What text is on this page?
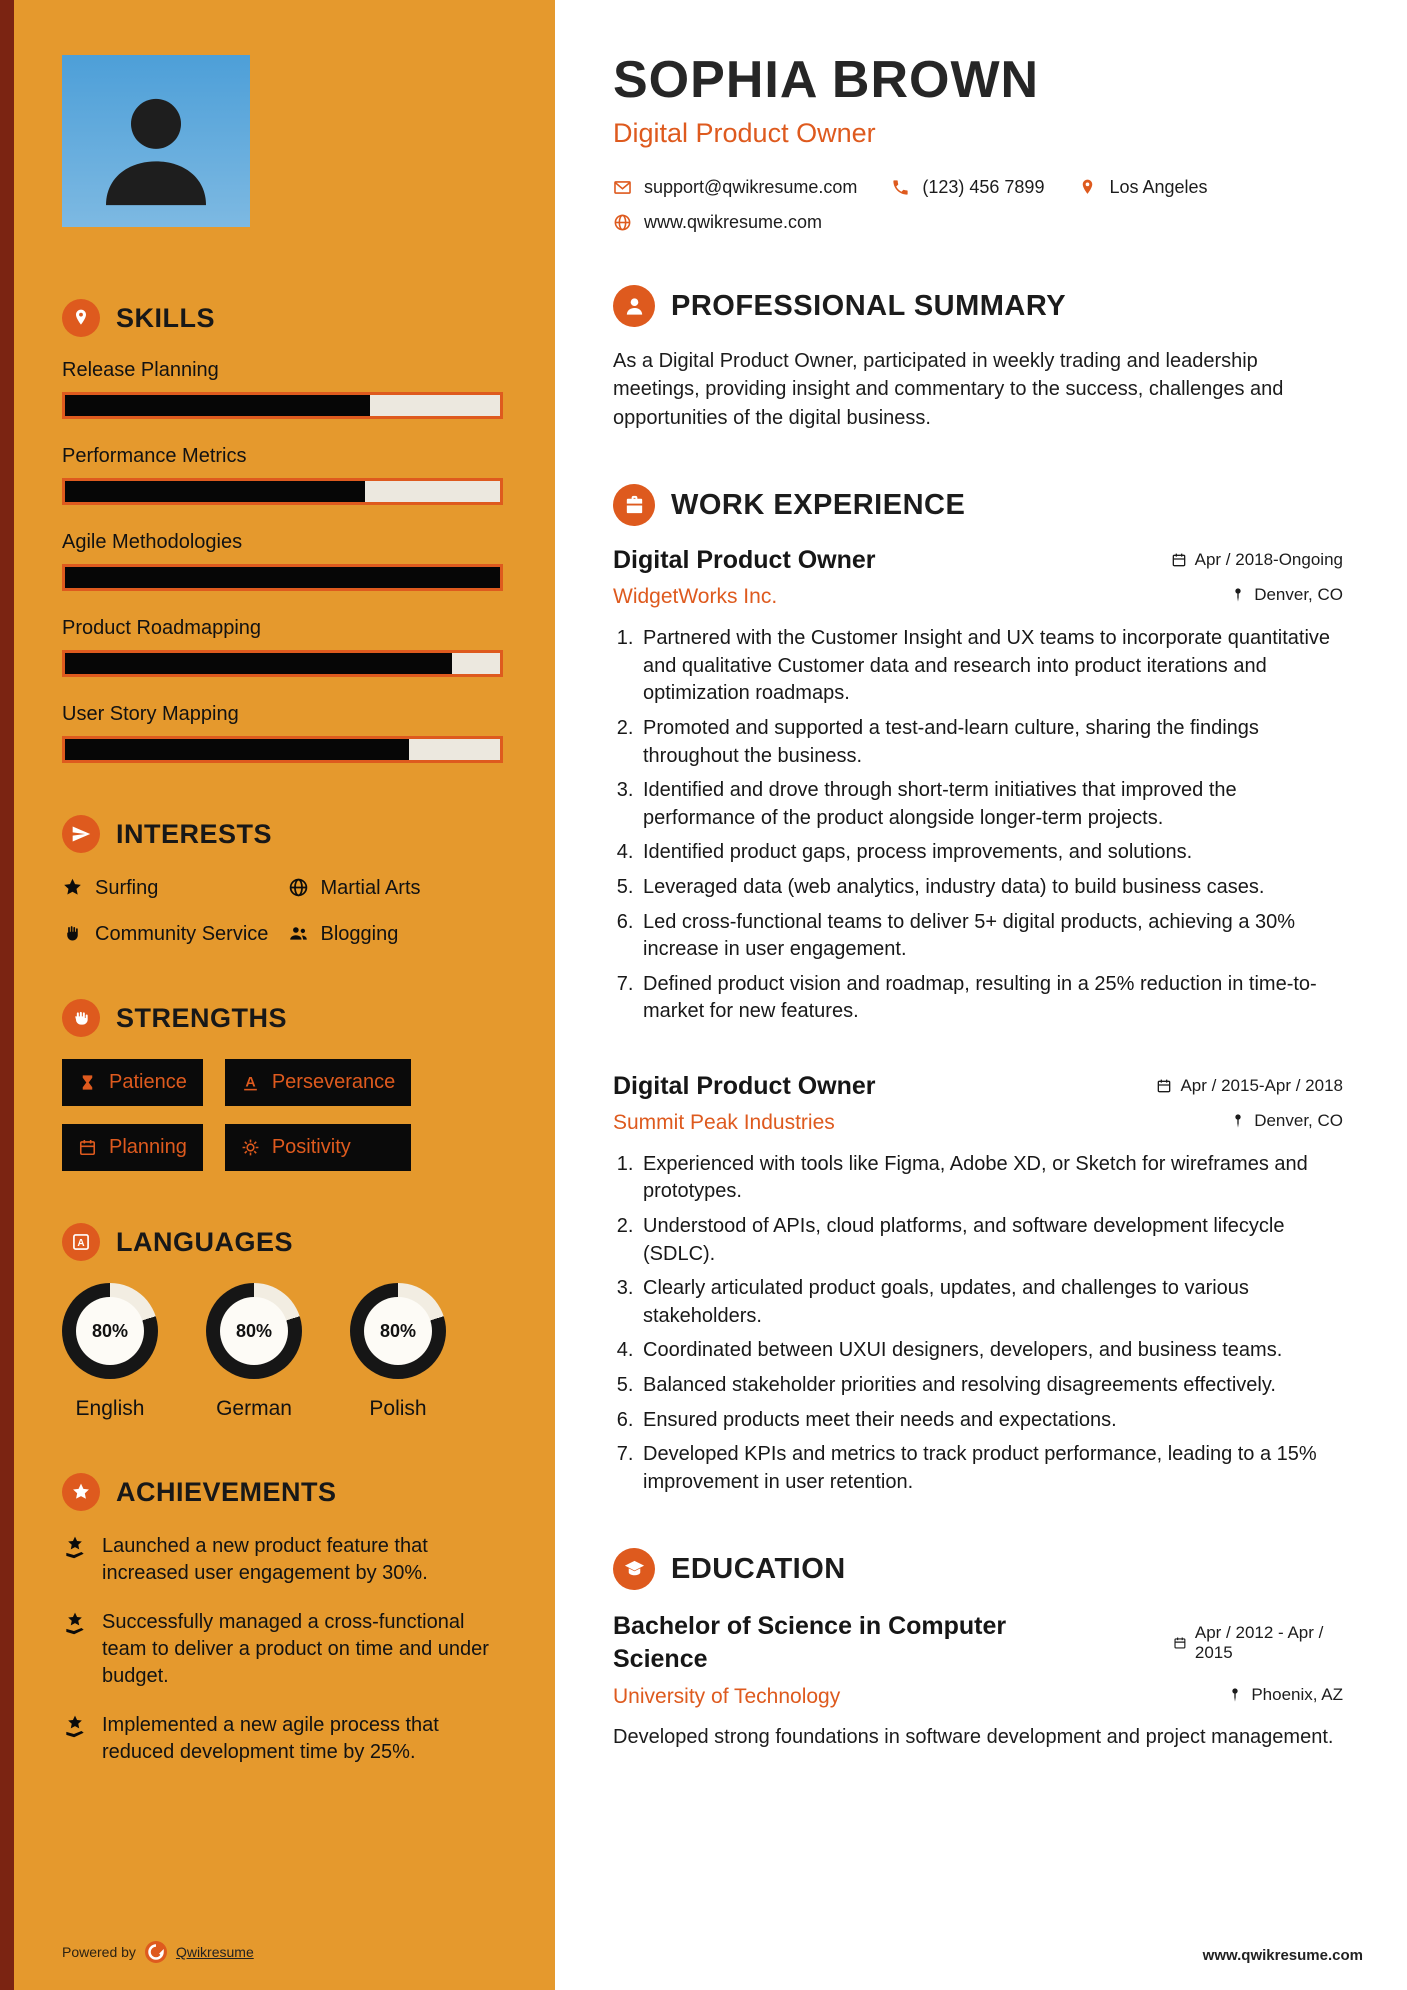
SKILLS
Release Planning
Performance Metrics
Agile Methodologies
Product Roadmapping
User Story Mapping
INTERESTS
Surfing	Martial Arts
Community Service	Blogging
STRENGTHS
Patience	Perseverance
Planning	Positivity
LANGUAGES
80%
English
80%
German
80%
Polish
ACHIEVEMENTS
Launched a new product feature that increased user engagement by 30%.
Successfully managed a cross-functional team to deliver a product on time and under budget.
Implemented a new agile process that reduced development time by 25%.
Powered by	Qwikresume
SOPHIA BROWN
Digital Product Owner
support@qwikresume.com	(123) 456 7899	Los Angeles
www.qwikresume.com
PROFESSIONAL SUMMARY

As a Digital Product Owner, participated in weekly trading and leadership meetings, providing insight and commentary to the success, challenges and opportunities of the digital business.

WORK EXPERIENCE
Digital Product Owner	Apr / 2018-Ongoing
WidgetWorks Inc.	Denver, CO
1. Partnered with the Customer Insight and UX teams to incorporate quantitative and qualitative Customer data and research into product iterations and optimization roadmaps.
2. Promoted and supported a test-and-learn culture, sharing the findings throughout the business.
3. Identified and drove through short-term initiatives that improved the performance of the product alongside longer-term projects.
4. Identified product gaps, process improvements, and solutions.
5. Leveraged data (web analytics, industry data) to build business cases.
6. Led cross-functional teams to deliver 5+ digital products, achieving a 30% increase in user engagement.
7. Defined product vision and roadmap, resulting in a 25% reduction in time-to-market for new features.
Digital Product Owner	Apr / 2015-Apr / 2018
Summit Peak Industries	Denver, CO
1. Experienced with tools like Figma, Adobe XD, or Sketch for wireframes and prototypes.
2. Understood of APIs, cloud platforms, and software development lifecycle (SDLC).
3. Clearly articulated product goals, updates, and challenges to various stakeholders.
4. Coordinated between UXUI designers, developers, and business teams.
5. Balanced stakeholder priorities and resolving disagreements effectively.
6. Ensured products meet their needs and expectations.
7. Developed KPIs and metrics to track product performance, leading to a 15% improvement in user retention.
EDUCATION
Bachelor of Science in Computer Science
Apr / 2012 - Apr / 2015
University of Technology	Phoenix, AZ

Developed strong foundations in software development and project management.

www.qwikresume.com
